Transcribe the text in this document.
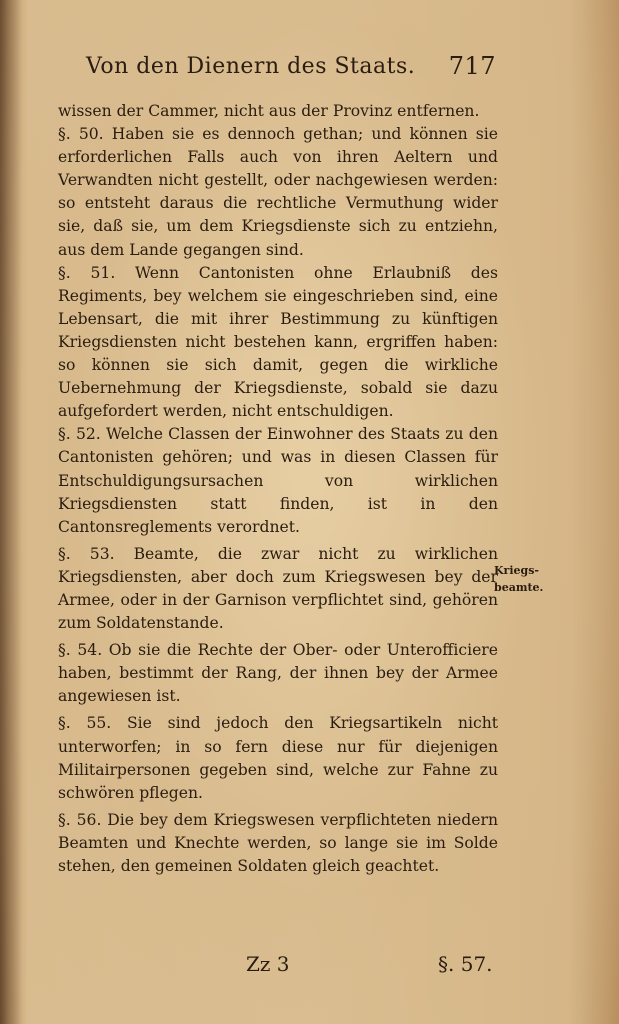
Von den Dienern des Staats. 717

wissen der Cammer, nicht aus der Provinz entfernen.

§. 50. Haben sie es dennoch gethan; und können sie erforderlichen Falls auch von ihren Aeltern und Verwandten nicht gestellt, oder nachgewiesen werden: so entsteht daraus die rechtliche Vermuthung wider sie, daß sie, um dem Kriegsdienste sich zu entziehn, aus dem Lande gegangen sind.

§. 51. Wenn Cantonisten ohne Erlaubniß des Regiments, bey welchem sie eingeschrieben sind, eine Lebensart, die mit ihrer Bestimmung zu künftigen Kriegsdiensten nicht bestehen kann, ergriffen haben: so können sie sich damit, gegen die wirkliche Uebernehmung der Kriegsdienste, sobald sie dazu aufgefordert werden, nicht entschuldigen.

§. 52. Welche Classen der Einwohner des Staats zu den Cantonisten gehören; und was in diesen Classen für Entschuldigungsursachen von wirklichen Kriegsdiensten statt finden, ist in den Cantonsreglements verordnet.

§. 53. Beamte, die zwar nicht zu wirklichen Kriegsdiensten, aber doch zum Kriegswesen bey der Armee, oder in der Garnison verpflichtet sind, gehören zum Soldatenstande.

§. 54. Ob sie die Rechte der Ober- oder Unterofficiere haben, bestimmt der Rang, der ihnen bey der Armee angewiesen ist.

§. 55. Sie sind jedoch den Kriegsartikeln nicht unterworfen; in so fern diese nur für diejenigen Militairpersonen gegeben sind, welche zur Fahne zu schwören pflegen.

§. 56. Die bey dem Kriegswesen verpflichteten niedern Beamten und Knechte werden, so lange sie im Solde stehen, den gemeinen Soldaten gleich geachtet.

Kriegs-
beamte.
Zz 3	§. 57.
